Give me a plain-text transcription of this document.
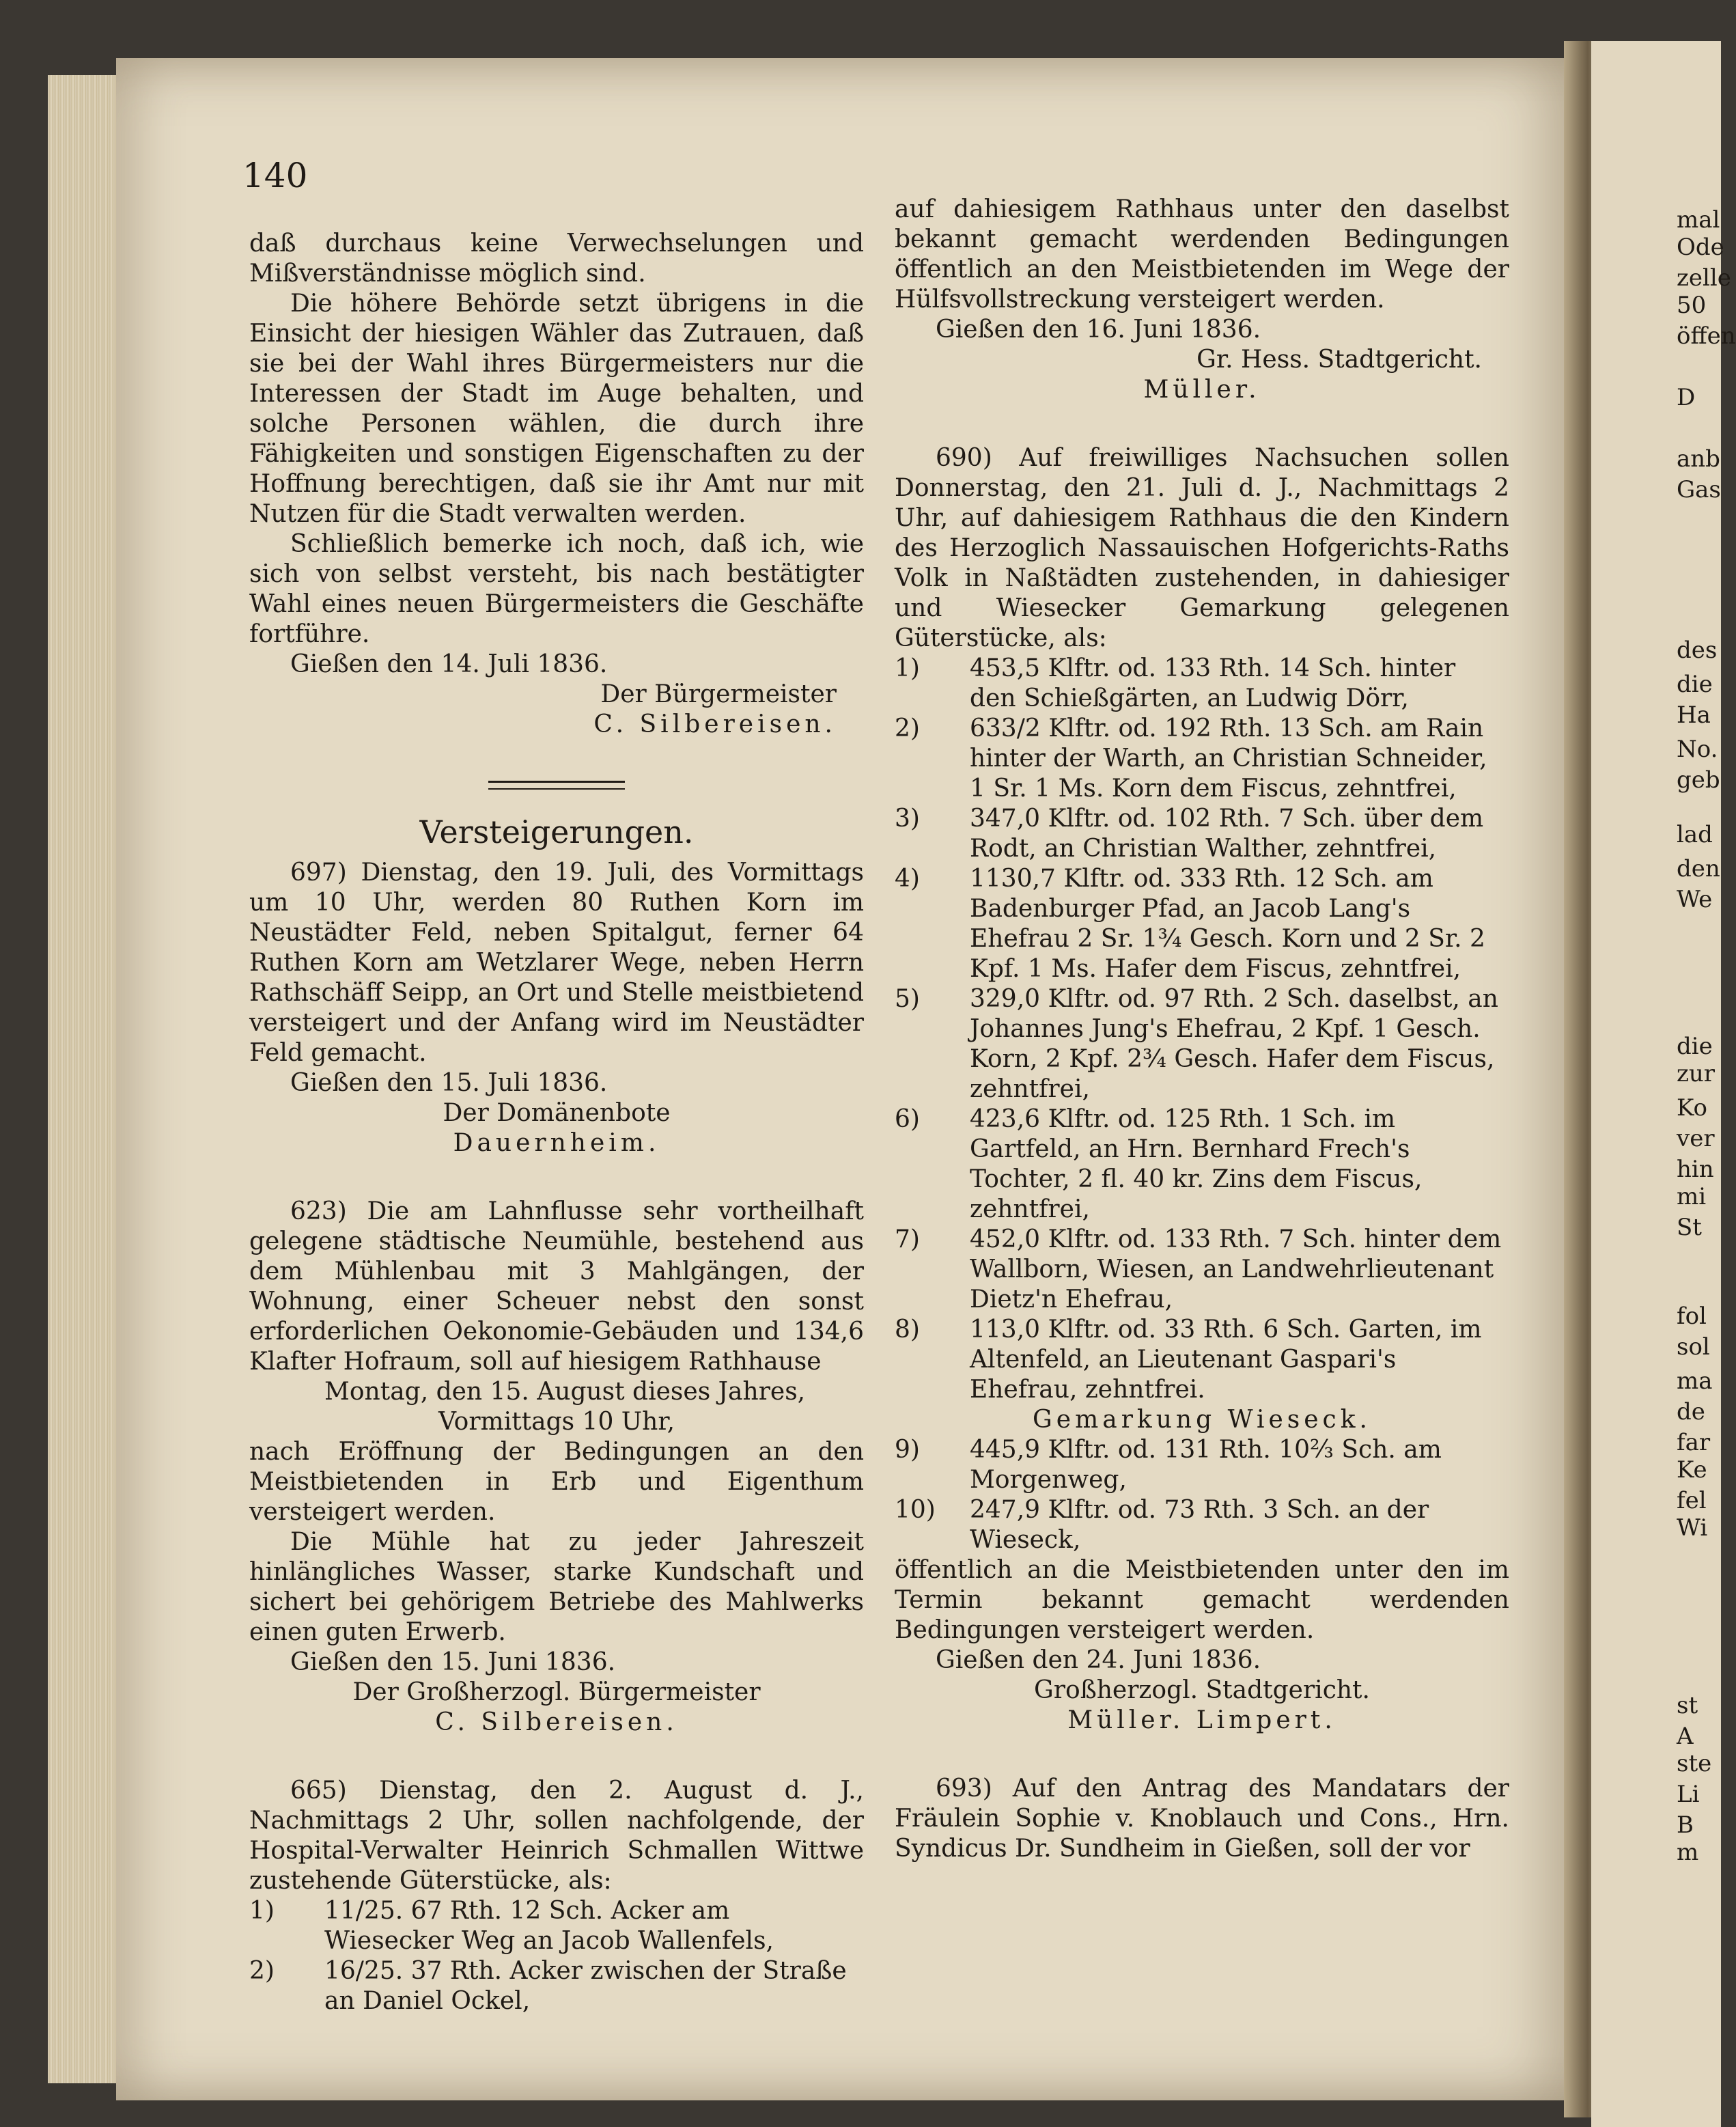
140

daß durchaus keine Verwechselungen und Mißverständnisse möglich sind.

Die höhere Behörde setzt übrigens in die Einsicht der hiesigen Wähler das Zutrauen, daß sie bei der Wahl ihres Bürgermeisters nur die Interessen der Stadt im Auge behalten, und solche Personen wählen, die durch ihre Fähigkeiten und sonstigen Eigenschaften zu der Hoffnung berechtigen, daß sie ihr Amt nur mit Nutzen für die Stadt verwalten werden.

Schließlich bemerke ich noch, daß ich, wie sich von selbst versteht, bis nach bestätigter Wahl eines neuen Bürgermeisters die Geschäfte fortführe.

Gießen den 14. Juli 1836.

Der Bürgermeister

C. Silbereisen.

Versteigerungen.

697) Dienstag, den 19. Juli, des Vormittags um 10 Uhr, werden 80 Ruthen Korn im Neustädter Feld, neben Spitalgut, ferner 64 Ruthen Korn am Wetzlarer Wege, neben Herrn Rathschäff Seipp, an Ort und Stelle meistbietend versteigert und der Anfang wird im Neustädter Feld gemacht.

Gießen den 15. Juli 1836.

Der Domänenbote

Dauernheim.

623) Die am Lahnflusse sehr vortheilhaft gelegene städtische Neumühle, bestehend aus dem Mühlenbau mit 3 Mahlgängen, der Wohnung, einer Scheuer nebst den sonst erforderlichen Oekonomie-Gebäuden und 134,6 Klafter Hofraum, soll auf hiesigem Rathhause

Montag, den 15. August dieses Jahres,

Vormittags 10 Uhr,

nach Eröffnung der Bedingungen an den Meistbietenden in Erb und Eigenthum versteigert werden.

Die Mühle hat zu jeder Jahreszeit hinlängliches Wasser, starke Kundschaft und sichert bei gehörigem Betriebe des Mahlwerks einen guten Erwerb.

Gießen den 15. Juni 1836.

Der Großherzogl. Bürgermeister

C. Silbereisen.

665) Dienstag, den 2. August d. J., Nachmittags 2 Uhr, sollen nachfolgende, der Hospital-Verwalter Heinrich Schmallen Wittwe zustehende Güterstücke, als:

1)	11/25. 67 Rth. 12 Sch. Acker am Wiesecker Weg an Jacob Wallenfels,
2)	16/25. 37 Rth. Acker zwischen der Straße an Daniel Ockel,

auf dahiesigem Rathhaus unter den daselbst bekannt gemacht werdenden Bedingungen öffentlich an den Meistbietenden im Wege der Hülfsvollstreckung versteigert werden.

Gießen den 16. Juni 1836.

Gr. Hess. Stadtgericht.

Müller.

690) Auf freiwilliges Nachsuchen sollen Donnerstag, den 21. Juli d. J., Nachmittags 2 Uhr, auf dahiesigem Rathhaus die den Kindern des Herzoglich Nassauischen Hofgerichts-Raths Volk in Naßtädten zustehenden, in dahiesiger und Wiesecker Gemarkung gelegenen Güterstücke, als:

1)	453,5 Klftr. od. 133 Rth. 14 Sch. hinter den Schießgärten, an Ludwig Dörr,
2)	633/2 Klftr. od. 192 Rth. 13 Sch. am Rain hinter der Warth, an Christian Schneider, 1 Sr. 1 Ms. Korn dem Fiscus, zehntfrei,
3)	347,0 Klftr. od. 102 Rth. 7 Sch. über dem Rodt, an Christian Walther, zehntfrei,
4)	1130,7 Klftr. od. 333 Rth. 12 Sch. am Badenburger Pfad, an Jacob Lang's Ehefrau 2 Sr. 1¾ Gesch. Korn und 2 Sr. 2 Kpf. 1 Ms. Hafer dem Fiscus, zehntfrei,
5)	329,0 Klftr. od. 97 Rth. 2 Sch. daselbst, an Johannes Jung's Ehefrau, 2 Kpf. 1 Gesch. Korn, 2 Kpf. 2¾ Gesch. Hafer dem Fiscus, zehntfrei,
6)	423,6 Klftr. od. 125 Rth. 1 Sch. im Gartfeld, an Hrn. Bernhard Frech's Tochter, 2 fl. 40 kr. Zins dem Fiscus, zehntfrei,
7)	452,0 Klftr. od. 133 Rth. 7 Sch. hinter dem Wallborn, Wiesen, an Landwehrlieutenant Dietz'n Ehefrau,
8)	113,0 Klftr. od. 33 Rth. 6 Sch. Garten, im Altenfeld, an Lieutenant Gaspari's Ehefrau, zehntfrei.

Gemarkung Wieseck.

9)	445,9 Klftr. od. 131 Rth. 10⅔ Sch. am Morgenweg,
10)	247,9 Klftr. od. 73 Rth. 3 Sch. an der Wieseck,

öffentlich an die Meistbietenden unter den im Termin bekannt gemacht werdenden Bedingungen versteigert werden.

Gießen den 24. Juni 1836.

Großherzogl. Stadtgericht.

Müller. Limpert.

693) Auf den Antrag des Mandatars der Fräulein Sophie v. Knoblauch und Cons., Hrn. Syndicus Dr. Sundheim in Gießen, soll der vor

mal
Ode
zelle
50
öffen
D
anb
Gas
des
die
Ha
No.
geb
lad
den
We
die
zur
Ko
ver
hin
mi
St
fol
sol
ma
de
far
Ke
fel
Wi
st
A
ste
Li
B
m
